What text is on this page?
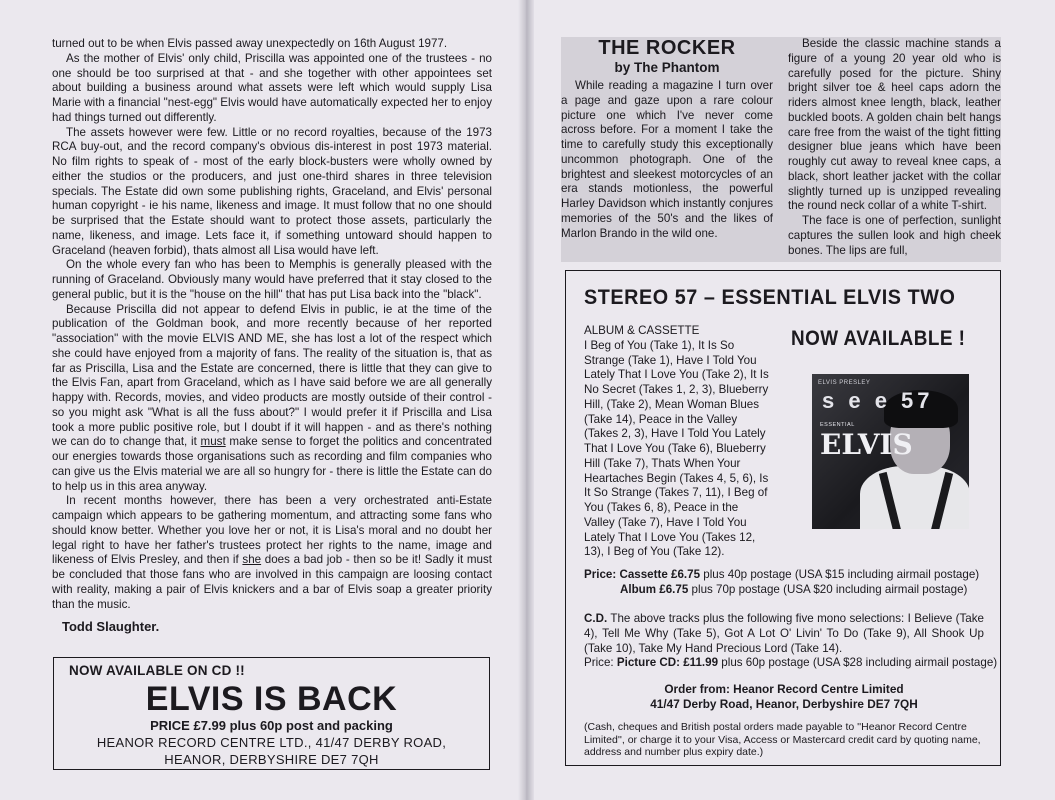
turned out to be when Elvis passed away unexpectedly on 16th August 1977.

As the mother of Elvis' only child, Priscilla was appointed one of the trustees - no one should be too surprised at that - and she together with other appointees set about building a business around what assets were left which would supply Lisa Marie with a financial "nest-egg" Elvis would have automatically expected her to enjoy had things turned out differently.

The assets however were few. Little or no record royalties, because of the 1973 RCA buy-out, and the record company's obvious dis-interest in post 1973 material. No film rights to speak of - most of the early block-busters were wholly owned by either the studios or the producers, and just one-third shares in three television specials. The Estate did own some publishing rights, Graceland, and Elvis' personal human copyright - ie his name, likeness and image. It must follow that no one should be surprised that the Estate should want to protect those assets, particularly the name, likeness, and image. Lets face it, if something untoward should happen to Graceland (heaven forbid), thats almost all Lisa would have left.

On the whole every fan who has been to Memphis is generally pleased with the running of Graceland. Obviously many would have preferred that it stay closed to the general public, but it is the "house on the hill" that has put Lisa back into the "black".

Because Priscilla did not appear to defend Elvis in public, ie at the time of the publication of the Goldman book, and more recently because of her reported "association" with the movie ELVIS AND ME, she has lost a lot of the respect which she could have enjoyed from a majority of fans. The reality of the situation is, that as far as Priscilla, Lisa and the Estate are concerned, there is little that they can give to the Elvis Fan, apart from Graceland, which as I have said before we are all generally happy with. Records, movies, and video products are mostly outside of their control - so you might ask "What is all the fuss about?" I would prefer it if Priscilla and Lisa took a more public positive role, but I doubt if it will happen - and as there's nothing we can do to change that, it must make sense to forget the politics and concentrated our energies towards those organisations such as recording and film companies who can give us the Elvis material we are all so hungry for - there is little the Estate can do to help us in this area anyway.

In recent months however, there has been a very orchestrated anti-Estate campaign which appears to be gathering momentum, and attracting some fans who should know better. Whether you love her or not, it is Lisa's moral and no doubt her legal right to have her father's trustees protect her rights to the name, image and likeness of Elvis Presley, and then if she does a bad job - then so be it! Sadly it must be concluded that those fans who are involved in this campaign are loosing contact with reality, making a pair of Elvis knickers and a bar of Elvis soap a greater priority than the music.

Todd Slaughter.
NOW AVAILABLE ON CD !!
ELVIS IS BACK
PRICE £7.99 plus 60p post and packing
HEANOR RECORD CENTRE LTD., 41/47 DERBY ROAD,
HEANOR, DERBYSHIRE DE7 7QH
THE ROCKER
by The Phantom

While reading a magazine I turn over a page and gaze upon a rare colour picture one which I've never come across before. For a moment I take the time to carefully study this exceptionally uncommon photograph. One of the brightest and sleekest motorcycles of an era stands motionless, the powerful Harley Davidson which instantly conjures memories of the 50's and the likes of Marlon Brando in the wild one.

Beside the classic machine stands a figure of a young 20 year old who is carefully posed for the picture. Shiny bright silver toe & heel caps adorn the riders almost knee length, black, leather buckled boots. A golden chain belt hangs care free from the waist of the tight fitting designer blue jeans which have been roughly cut away to reveal knee caps, a black, short leather jacket with the collar slightly turned up is unzipped revealing the round neck collar of a white T-shirt.

The face is one of perfection, sunlight captures the sullen look and high cheek bones. The lips are full,

STEREO 57 – ESSENTIAL ELVIS TWO
NOW AVAILABLE !
ALBUM & CASSETTE
I Beg of You (Take 1), It Is So Strange (Take 1), Have I Told You Lately That I Love You (Take 2), It Is No Secret (Takes 1, 2, 3), Blueberry Hill, (Take 2), Mean Woman Blues (Take 14), Peace in the Valley (Takes 2, 3), Have I Told You Lately That I Love You (Take 6), Blueberry Hill (Take 7), Thats When Your Heartaches Begin (Takes 4, 5, 6), Is It So Strange (Takes 7, 11), I Beg of You (Takes 6, 8), Peace in the Valley (Take 7), Have I Told You Lately That I Love You (Takes 12, 13), I Beg of You (Take 12).
ELVIS PRESLEY
s e e 57
ESSENTIAL
ELVIS
Price: Cassette £6.75 plus 40p postage (USA $15 including airmail postage)
Album £6.75 plus 70p postage (USA $20 including airmail postage)
C.D. The above tracks plus the following five mono selections: I Believe (Take 4), Tell Me Why (Take 5), Got A Lot O' Livin' To Do (Take 9), All Shook Up (Take 10), Take My Hand Precious Lord (Take 14).
Price: Picture CD: £11.99 plus 60p postage (USA $28 including airmail postage)
Order from: Heanor Record Centre Limited
41/47 Derby Road, Heanor, Derbyshire DE7 7QH
(Cash, cheques and British postal orders made payable to ''Heanor Record Centre Limited'', or charge it to your Visa, Access or Mastercard credit card by quoting name, address and number plus expiry date.)
